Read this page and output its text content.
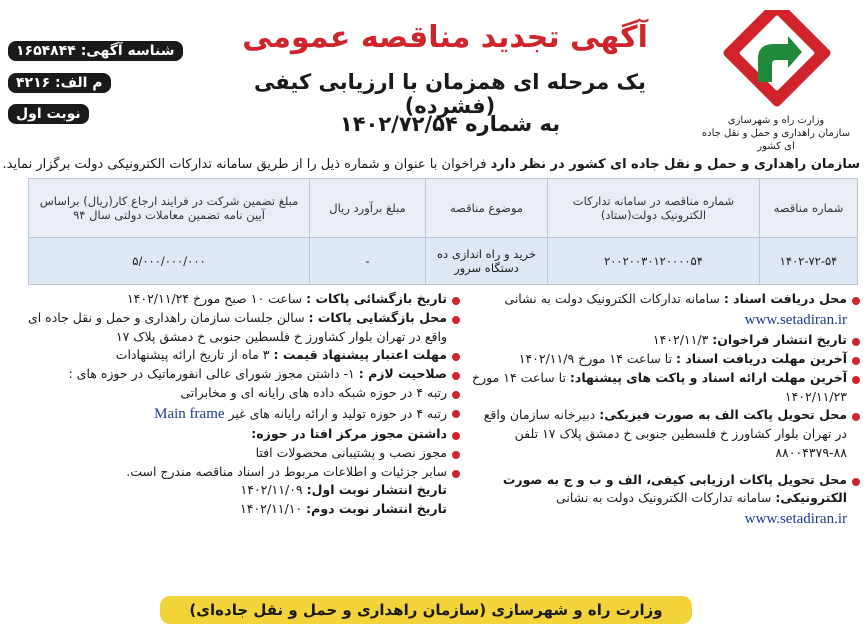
وزارت راه و شهرسازی
سازمان راهداری و حمل و نقل جاده ای کشور
آگهی تجدید مناقصه عمومی
یک مرحله ای همزمان با ارزیابی کیفی (فشرده)
به شماره ۱۴۰۲/۷۲/۵۴
شناسه آگهی: ۱۶۵۴۸۴۴
م الف: ۴۲۱۶
نوبت اول
سازمان راهداری و حمل و نقل جاده ای کشور در نظر دارد فراخوان با عنوان و شماره ذیل را از طریق سامانه تدارکات الکترونیکی دولت برگزار نماید.
شماره مناقصه	شماره مناقصه در سامانه تدارکات الکترونیک دولت(ستاد)	موضوع مناقصه	مبلغ برآورد ریال	مبلغ تضمین شرکت در فرایند ارجاع کار(ریال) براساس آیین نامه تضمین معاملات دولتی سال ۹۴
۱۴۰۲-۷۲-۵۴	۲۰۰۲۰۰۳۰۱۲۰۰۰۰۵۴	خرید و راه اندازی ده دستگاه سرور	-	۵/۰۰۰/۰۰۰/۰۰۰
محل دریافت اسناد : سامانه تدارکات الکترونیک دولت به نشانی
www.setadiran.ir
تاریخ انتشار فراخوان: ۱۴۰۲/۱۱/۳
آخرین مهلت دریافت اسناد : تا ساعت ۱۴ مورخ ۱۴۰۲/۱۱/۹
آخرین مهلت ارائه اسناد و پاکت های پیشنهاد: تا ساعت ۱۴ مورخ ۱۴۰۲/۱۱/۲۳
محل تحویل پاکت الف به صورت فیزیکی: دبیرخانه سازمان واقع در تهران بلوار کشاورز خ فلسطین جنوبی خ دمشق پلاک ۱۷ تلفن ۸۸-۸۸۰۰۴۳۷۹
محل تحویل پاکات ارزیابی کیفی، الف و ب و ج به صورت الکترونیکی: سامانه تدارکات الکترونیک دولت به نشانی
www.setadiran.ir
تاریخ بازگشائی پاکات : ساعت ۱۰ صبح مورخ ۱۴۰۲/۱۱/۲۴
محل بازگشایی پاکات : سالن جلسات سازمان راهداری و حمل و نقل جاده ای واقع در تهران بلوار کشاورز خ فلسطین جنوبی خ دمشق پلاک ۱۷
مهلت اعتبار پیشنهاد قیمت : ۳ ماه از تاریخ ارائه پیشنهادات
صلاحیت لازم : ۱- داشتن مجوز شورای عالی انفورماتیک در حوزه های :
رتبه ۴ در حوزه شبکه داده های رایانه ای و مخابراتی
رتبه ۴ در حوزه تولید و ارائه رایانه های غیر Main frame
داشتن مجوز مرکز افتا در حوزه:
مجوز نصب و پشتیبانی محصولات افتا
سایر جزئیات و اطلاعات مربوط در اسناد مناقصه مندرج است.
تاریخ انتشار نوبت اول: ۱۴۰۲/۱۱/۰۹
تاریخ انتشار نوبت دوم: ۱۴۰۲/۱۱/۱۰
وزارت راه و شهرسازی (سازمان راهداری و حمل و نقل جاده‌ای)
